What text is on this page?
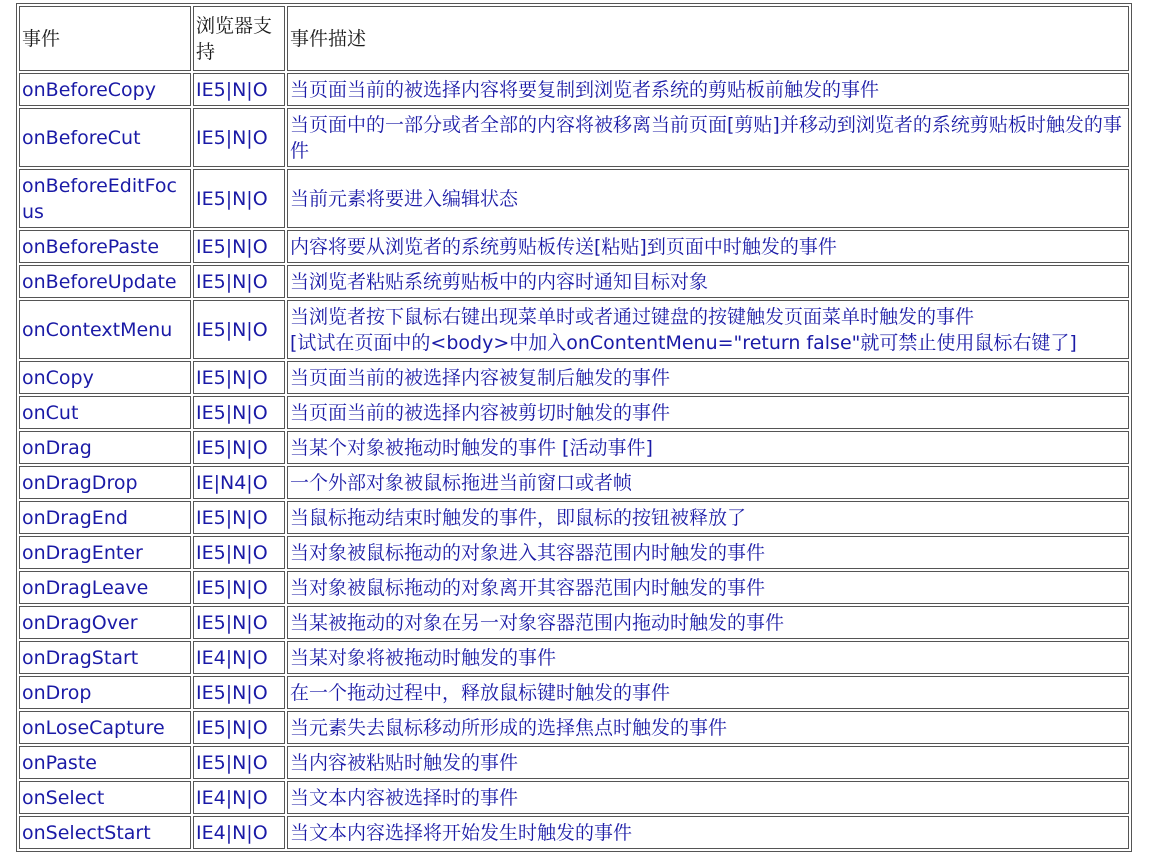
事件	浏览器支持	事件描述
onBeforeCopy	IE5|N|O	当页面当前的被选择内容将要复制到浏览者系统的剪贴板前触发的事件

onBeforeCut	IE5|N|O	当页面中的一部分或者全部的内容将被移离当前页面[剪贴]并移动到浏览者的系统剪贴板时触发的事件

onBeforeEditFocus	IE5|N|O	当前元素将要进入编辑状态

onBeforePaste	IE5|N|O	内容将要从浏览者的系统剪贴板传送[粘贴]到页面中时触发的事件

onBeforeUpdate	IE5|N|O	当浏览者粘贴系统剪贴板中的内容时通知目标对象

onContextMenu	IE5|N|O	当浏览者按下鼠标右键出现菜单时或者通过键盘的按键触发页面菜单时触发的事件
[试试在页面中的<body>中加入onContentMenu="return false"就可禁止使用鼠标右键了]

onCopy	IE5|N|O	当页面当前的被选择内容被复制后触发的事件

onCut	IE5|N|O	当页面当前的被选择内容被剪切时触发的事件

onDrag	IE5|N|O	当某个对象被拖动时触发的事件 [活动事件]

onDragDrop	IE|N4|O	一个外部对象被鼠标拖进当前窗口或者帧

onDragEnd	IE5|N|O	当鼠标拖动结束时触发的事件，即鼠标的按钮被释放了

onDragEnter	IE5|N|O	当对象被鼠标拖动的对象进入其容器范围内时触发的事件

onDragLeave	IE5|N|O	当对象被鼠标拖动的对象离开其容器范围内时触发的事件

onDragOver	IE5|N|O	当某被拖动的对象在另一对象容器范围内拖动时触发的事件

onDragStart	IE4|N|O	当某对象将被拖动时触发的事件

onDrop	IE5|N|O	在一个拖动过程中，释放鼠标键时触发的事件

onLoseCapture	IE5|N|O	当元素失去鼠标移动所形成的选择焦点时触发的事件

onPaste	IE5|N|O	当内容被粘贴时触发的事件

onSelect	IE4|N|O	当文本内容被选择时的事件

onSelectStart	IE4|N|O	当文本内容选择将开始发生时触发的事件
